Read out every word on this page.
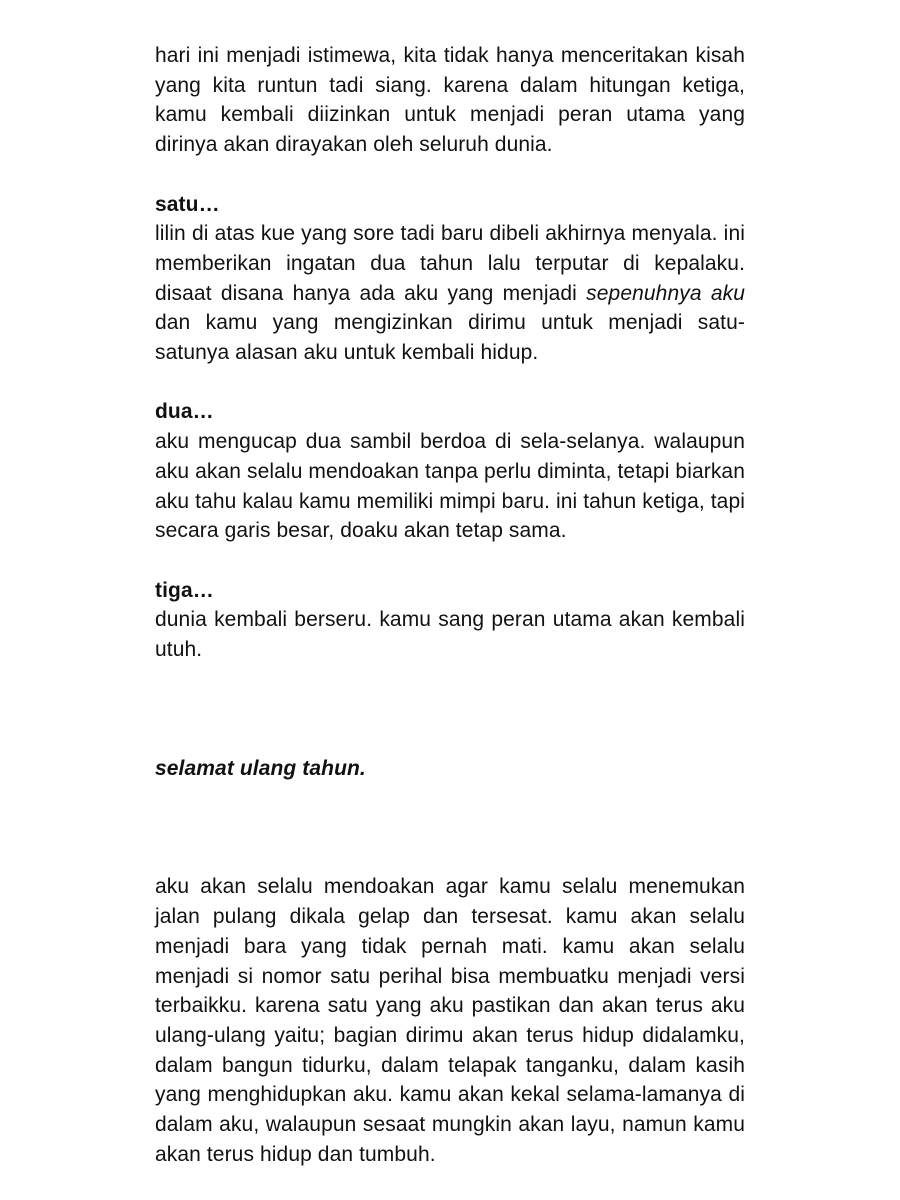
hari ini menjadi istimewa, kita tidak hanya menceritakan kisah yang kita runtun tadi siang. karena dalam hitungan ketiga, kamu kembali diizinkan untuk menjadi peran utama yang dirinya akan dirayakan oleh seluruh dunia.

satu…

lilin di atas kue yang sore tadi baru dibeli akhirnya menyala. ini memberikan ingatan dua tahun lalu terputar di kepalaku. disaat disana hanya ada aku yang menjadi sepenuhnya aku dan kamu yang mengizinkan dirimu untuk menjadi satu-satunya alasan aku untuk kembali hidup.

dua…

aku mengucap dua sambil berdoa di sela-selanya. walaupun aku akan selalu mendoakan tanpa perlu diminta, tetapi biarkan aku tahu kalau kamu memiliki mimpi baru. ini tahun ketiga, tapi secara garis besar, doaku akan tetap sama.

tiga…

dunia kembali berseru. kamu sang peran utama akan kembali utuh.

selamat ulang tahun.

aku akan selalu mendoakan agar kamu selalu menemukan jalan pulang dikala gelap dan tersesat. kamu akan selalu menjadi bara yang tidak pernah mati. kamu akan selalu menjadi si nomor satu perihal bisa membuatku menjadi versi terbaikku. karena satu yang aku pastikan dan akan terus aku ulang-ulang yaitu; bagian dirimu akan terus hidup didalamku, dalam bangun tidurku, dalam telapak tanganku, dalam kasih yang menghidupkan aku. kamu akan kekal selama-lamanya di dalam aku, walaupun sesaat mungkin akan layu, namun kamu akan terus hidup dan tumbuh.
